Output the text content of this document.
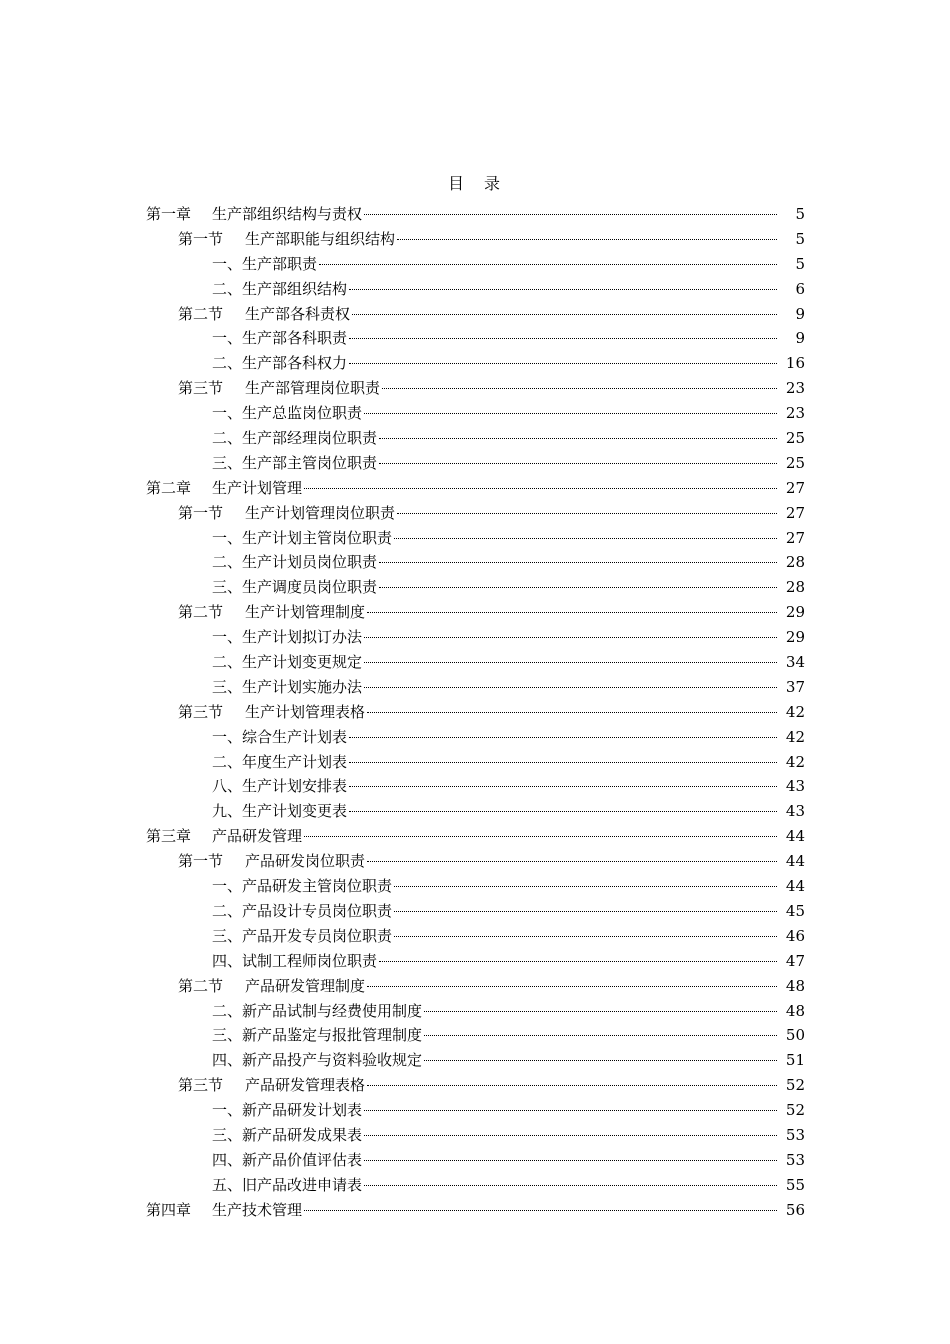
目 录
第一章	生产部组织结构与责权	5
第一节	生产部职能与组织结构	5
一、 生产部职责	5
二、 生产部组织结构	6
第二节	生产部各科责权	9
一、 生产部各科职责	9
二、 生产部各科权力	16
第三节	生产部管理岗位职责	23
一、 生产总监岗位职责	23
二、 生产部经理岗位职责	25
三、 生产部主管岗位职责	25
第二章	生产计划管理	27
第一节	生产计划管理岗位职责	27
一、 生产计划主管岗位职责	27
二、 生产计划员岗位职责	28
三、 生产调度员岗位职责	28
第二节	生产计划管理制度	29
一、 生产计划拟订办法	29
二、 生产计划变更规定	34
三、 生产计划实施办法	37
第三节	生产计划管理表格	42
一、 综合生产计划表	42
二、 年度生产计划表	42
八、 生产计划安排表	43
九、 生产计划变更表	43
第三章	产品研发管理	44
第一节	产品研发岗位职责	44
一、 产品研发主管岗位职责	44
二、 产品设计专员岗位职责	45
三、 产品开发专员岗位职责	46
四、 试制工程师岗位职责	47
第二节	产品研发管理制度	48
二、 新产品试制与经费使用制度	48
三、 新产品鉴定与报批管理制度	50
四、 新产品投产与资料验收规定	51
第三节	产品研发管理表格	52
一、 新产品研发计划表	52
三、 新产品研发成果表	53
四、 新产品价值评估表	53
五、 旧产品改进申请表	55
第四章	生产技术管理	56
